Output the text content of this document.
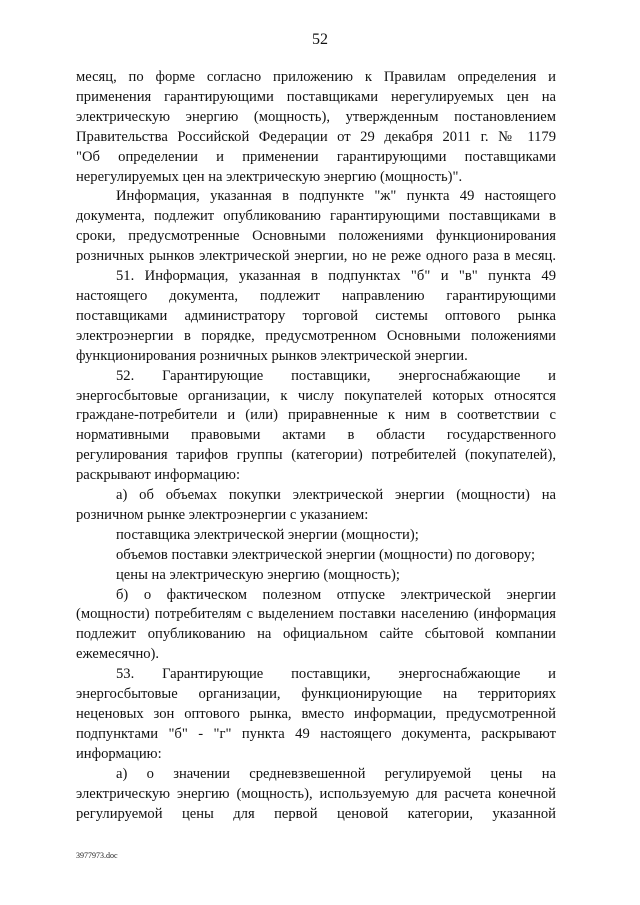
52

месяц, по форме согласно приложению к Правилам определения и

применения гарантирующими поставщиками нерегулируемых цен на

электрическую энергию (мощность), утвержденным постановлением

Правительства Российской Федерации от 29 декабря 2011 г. № 1179

"Об определении и применении гарантирующими поставщиками

нерегулируемых цен на электрическую энергию (мощность)".

Информация, указанная в подпункте "ж" пункта 49 настоящего

документа, подлежит опубликованию гарантирующими поставщиками в

сроки, предусмотренные Основными положениями функционирования

розничных рынков электрической энергии, но не реже одного раза в месяц.

51. Информация, указанная в подпунктах "б" и "в" пункта 49

настоящего документа, подлежит направлению гарантирующими

поставщиками администратору торговой системы оптового рынка

электроэнергии в порядке, предусмотренном Основными положениями

функционирования розничных рынков электрической энергии.

52. Гарантирующие поставщики, энергоснабжающие и

энергосбытовые организации, к числу покупателей которых относятся

граждане-потребители и (или) приравненные к ним в соответствии с

нормативными правовыми актами в области государственного

регулирования тарифов группы (категории) потребителей (покупателей),

раскрывают информацию:

а) об объемах покупки электрической энергии (мощности) на

розничном рынке электроэнергии с указанием:

поставщика электрической энергии (мощности);

объемов поставки электрической энергии (мощности) по договору;

цены на электрическую энергию (мощность);

б) о фактическом полезном отпуске электрической энергии

(мощности) потребителям с выделением поставки населению (информация

подлежит опубликованию на официальном сайте сбытовой компании

ежемесячно).

53. Гарантирующие поставщики, энергоснабжающие и

энергосбытовые организации, функционирующие на территориях

неценовых зон оптового рынка, вместо информации, предусмотренной

подпунктами "б" - "г" пункта 49 настоящего документа, раскрывают

информацию:

а) о значении средневзвешенной регулируемой цены на

электрическую энергию (мощность), используемую для расчета конечной

регулируемой цены для первой ценовой категории, указанной

3977973.doc
